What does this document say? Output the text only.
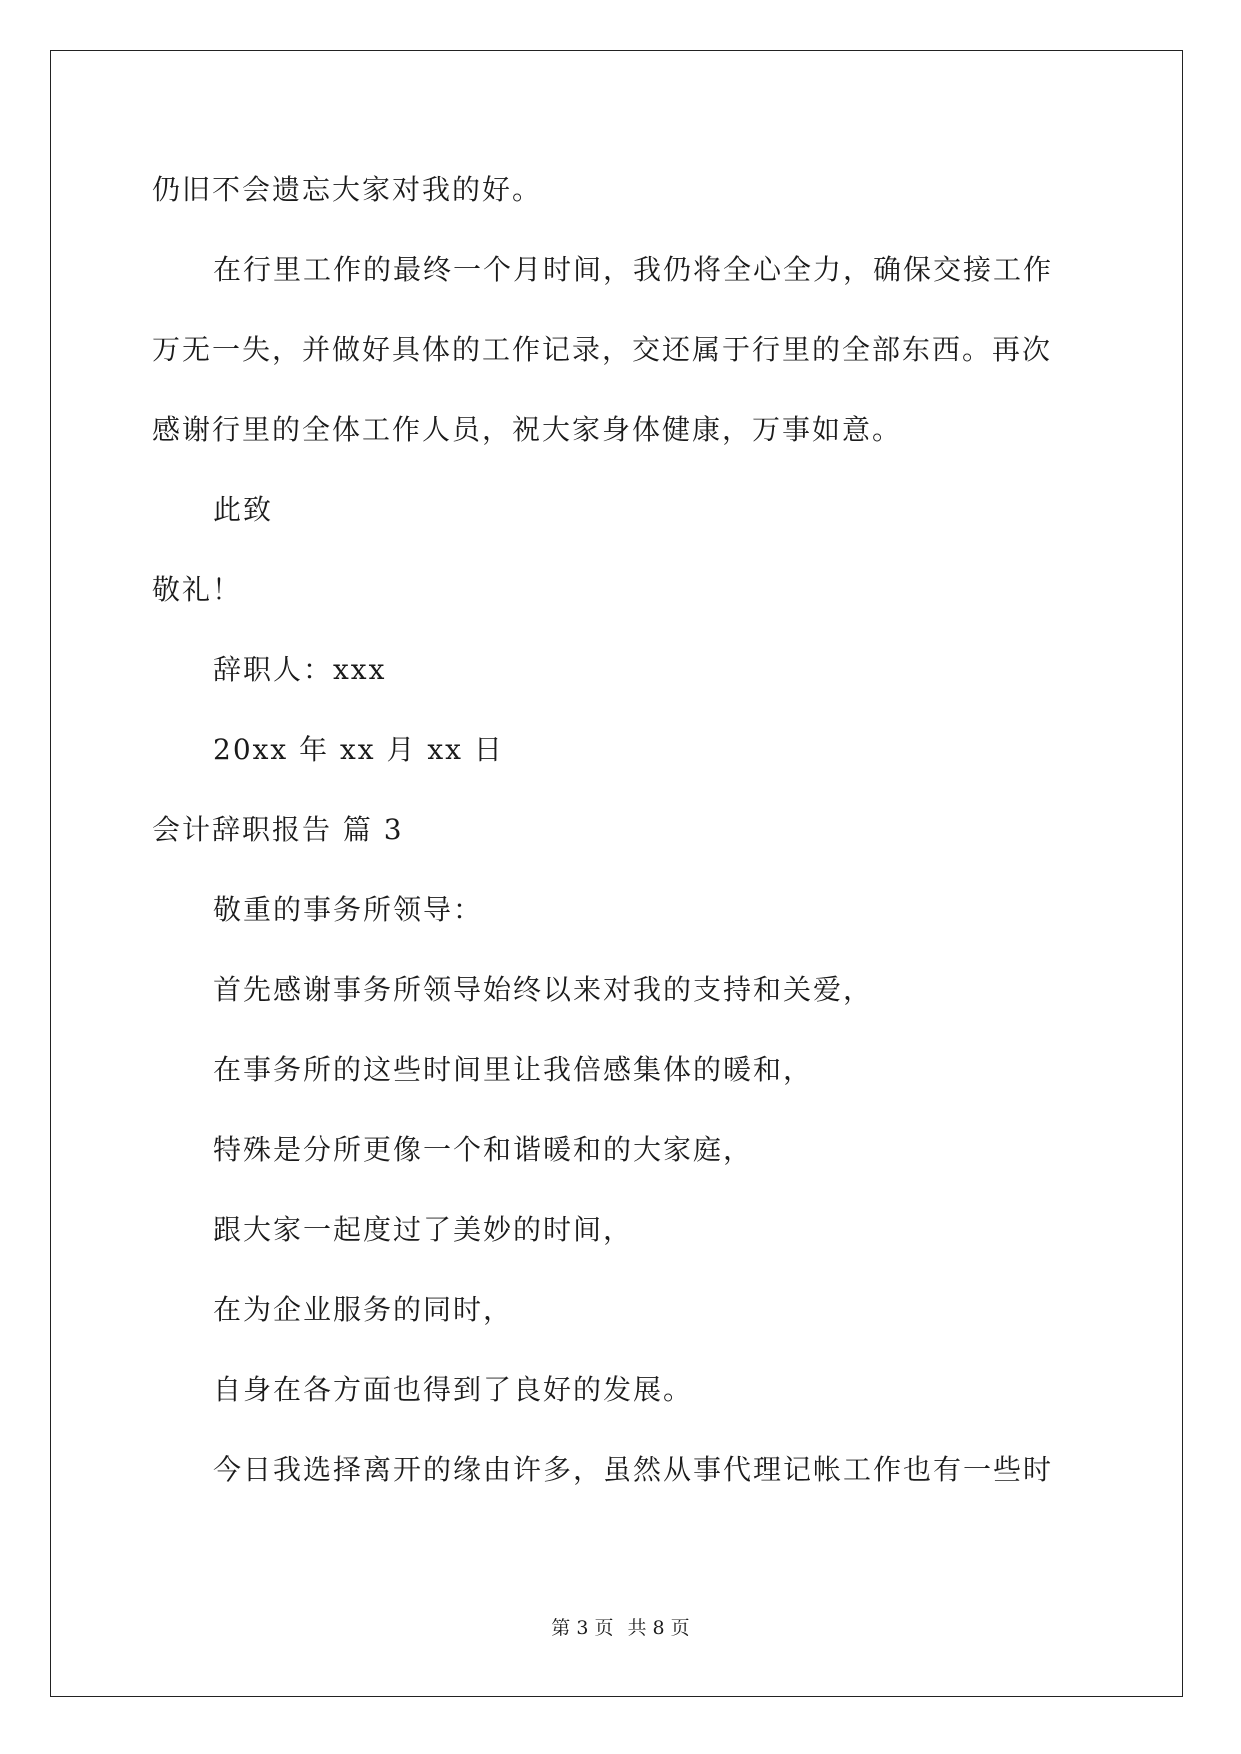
仍旧不会遗忘大家对我的好。
在行里工作的最终一个月时间，我仍将全心全力，确保交接工作
万无一失，并做好具体的工作记录，交还属于行里的全部东西。再次
感谢行里的全体工作人员，祝大家身体健康，万事如意。
此致
敬礼！
辞职人：xxx
20xx 年 xx 月 xx 日
会计辞职报告 篇 3
敬重的事务所领导：
首先感谢事务所领导始终以来对我的支持和关爱，
在事务所的这些时间里让我倍感集体的暖和，
特殊是分所更像一个和谐暖和的大家庭，
跟大家一起度过了美妙的时间，
在为企业服务的同时，
自身在各方面也得到了良好的发展。
今日我选择离开的缘由许多，虽然从事代理记帐工作也有一些时
第 3 页 共 8 页
